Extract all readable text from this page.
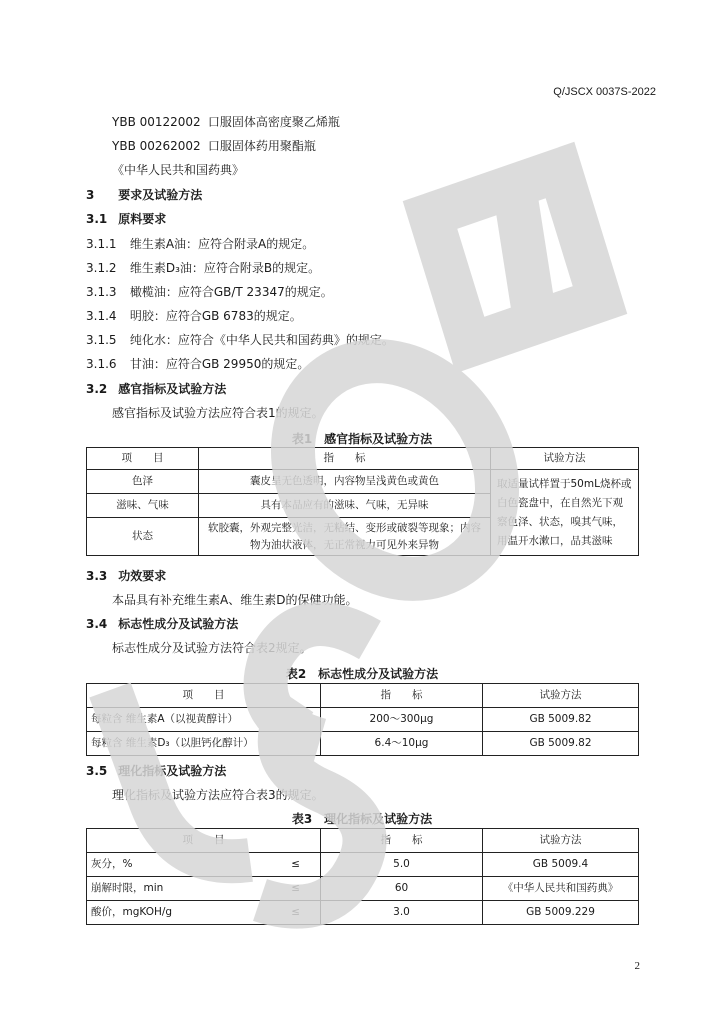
Q/JSCX 0037S-2022
YBB 00122002 口服固体高密度聚乙烯瓶
YBB 00262002 口服固体药用聚酯瓶
《中华人民共和国药典》
3 要求及试验方法
3.1 原料要求
3.1.1 维生素A油：应符合附录A的规定。
3.1.2 维生素D₃油：应符合附录B的规定。
3.1.3 橄榄油：应符合GB/T 23347的规定。
3.1.4 明胶：应符合GB 6783的规定。
3.1.5 纯化水：应符合《中华人民共和国药典》的规定。
3.1.6 甘油：应符合GB 29950的规定。
3.2 感官指标及试验方法
感官指标及试验方法应符合表1的规定。
表1　感官指标及试验方法
项　　目	指　　标	试验方法
色泽	囊皮呈无色透明，内容物呈浅黄色或黄色	取适量试样置于50mL烧杯或白色瓷盘中，在自然光下观察色泽、状态，嗅其气味，用温开水漱口，品其滋味
滋味、气味	具有本品应有的滋味、气味，无异味	
状态	软胶囊，外观完整光洁，无粘结、变形或破裂等现象；内容物为油状液体，无正常视力可见外来异物	
3.3 功效要求
本品具有补充维生素A、维生素D的保健功能。
3.4 标志性成分及试验方法
标志性成分及试验方法符合表2规定。
表2　标志性成分及试验方法
项　　目	指　　标	试验方法
每粒含 维生素A（以视黄醇计）	200～300μg	GB 5009.82
每粒含 维生素D₃（以胆钙化醇计）	6.4～10μg	GB 5009.82
3.5 理化指标及试验方法
理化指标及试验方法应符合表3的规定。
表3　理化指标及试验方法
项　　目	指　　标	试验方法
灰分，% ≤	5.0	GB 5009.4
崩解时限，min ≤	60	《中华人民共和国药典》
酸价，mgKOH/g ≤	3.0	GB 5009.229
2
